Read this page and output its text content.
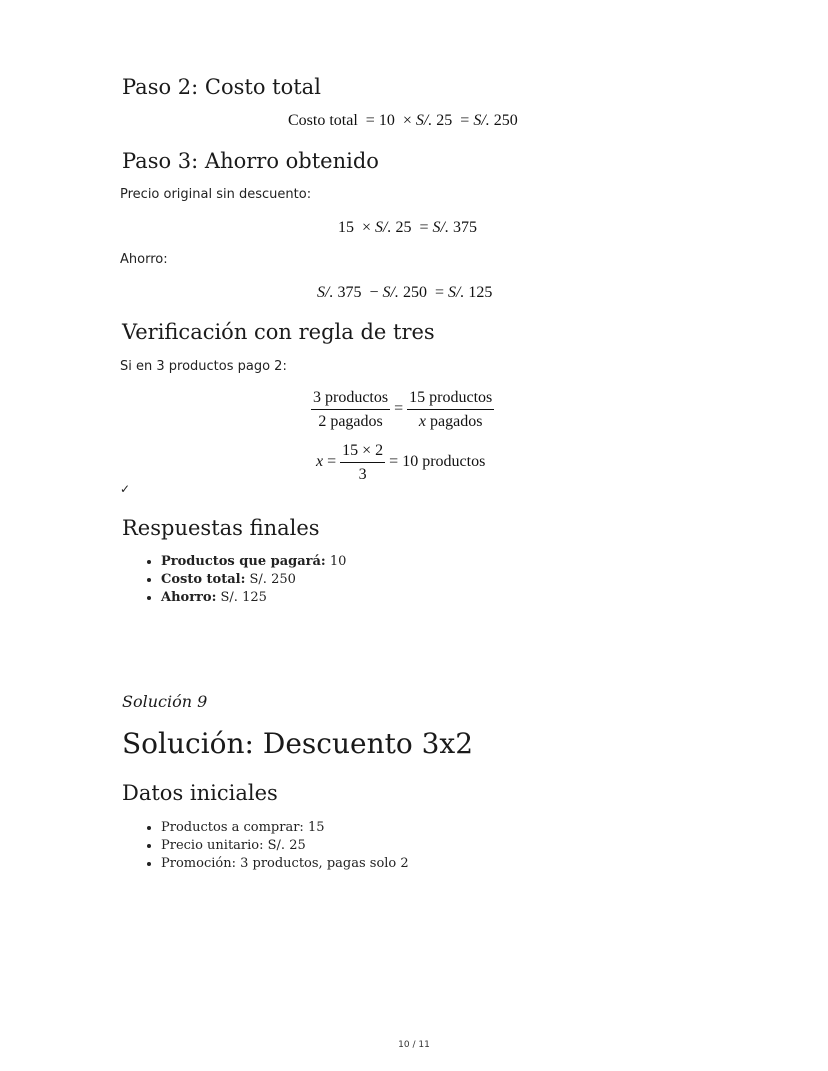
Paso 2: Costo total
Costo total = 10 × S/. 25 = S/. 250
Paso 3: Ahorro obtenido

Precio original sin descuento:

15 × S/. 25 = S/. 375

Ahorro:

S/. 375 − S/. 250 = S/. 125
Verificación con regla de tres

Si en 3 productos pago 2:

$\frac{\text{3 productos}}{\text{2 pagados}} = \frac{\text{15 productos}}{\text{x pagados}}$
$x = \frac{15 \times 2}{3} = 10$ productos

✓

Respuestas finales
• Productos que pagará: 10
• Costo total: S/. 250
• Ahorro: S/. 125
Solución 9
Solución: Descuento 3x2
Datos iniciales
• Productos a comprar: 15
• Precio unitario: S/. 25
• Promoción: 3 productos, pagas solo 2
10 / 11
